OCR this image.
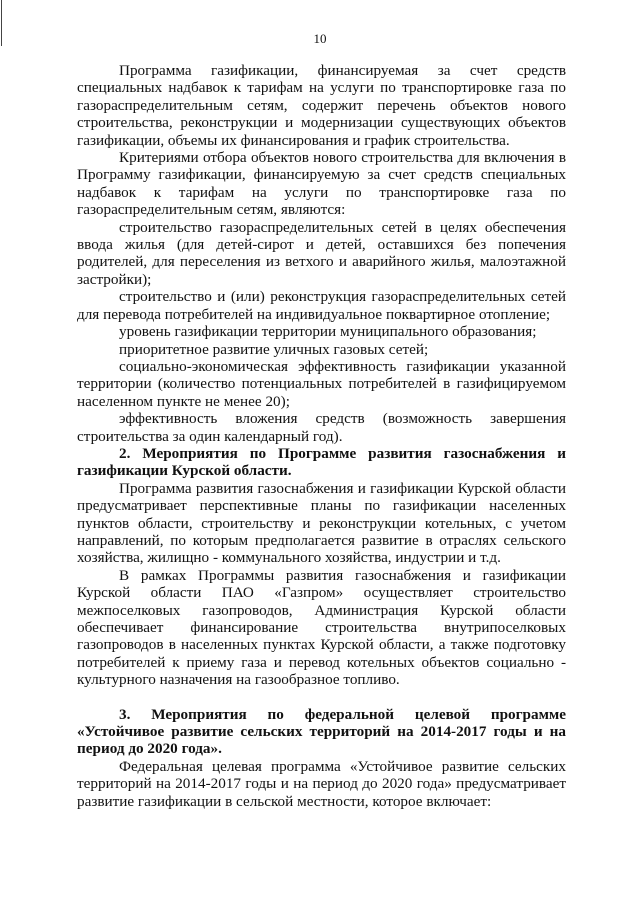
10

Программа газификации, финансируемая за счет средств специальных надбавок к тарифам на услуги по транспортировке газа по газораспределительным сетям, содержит перечень объектов нового строительства, реконструкции и модернизации существующих объектов газификации, объемы их финансирования и график строительства.

Критериями отбора объектов нового строительства для включения в Программу газификации, финансируемую за счет средств специальных надбавок к тарифам на услуги по транспортировке газа по газораспределительным сетям, являются:

строительство газораспределительных сетей в целях обеспечения ввода жилья (для детей-сирот и детей, оставшихся без попечения родителей, для переселения из ветхого и аварийного жилья, малоэтажной застройки);

строительство и (или) реконструкция газораспределительных сетей для перевода потребителей на индивидуальное поквартирное отопление;

уровень газификации территории муниципального образования;

приоритетное развитие уличных газовых сетей;

социально-экономическая эффективность газификации указанной территории (количество потенциальных потребителей в газифицируемом населенном пункте не менее 20);

эффективность вложения средств (возможность завершения строительства за один календарный год).

2. Мероприятия по Программе развития газоснабжения и газификации Курской области.

Программа развития газоснабжения и газификации Курской области предусматривает перспективные планы по газификации населенных пунктов области, строительству и реконструкции котельных, с учетом направлений, по которым предполагается развитие в отраслях сельского хозяйства, жилищно - коммунального хозяйства, индустрии и т.д.

В рамках Программы развития газоснабжения и газификации Курской области ПАО «Газпром» осуществляет строительство межпоселковых газопроводов, Администрация Курской области обеспечивает финансирование строительства внутрипоселковых газопроводов в населенных пунктах Курской области, а также подготовку потребителей к приему газа и перевод котельных объектов социально - культурного назначения на газообразное топливо.

3. Мероприятия по федеральной целевой программе «Устойчивое развитие сельских территорий на 2014-2017 годы и на период до 2020 года».

Федеральная целевая программа «Устойчивое развитие сельских территорий на 2014-2017 годы и на период до 2020 года» предусматривает развитие газификации в сельской местности, которое включает:
